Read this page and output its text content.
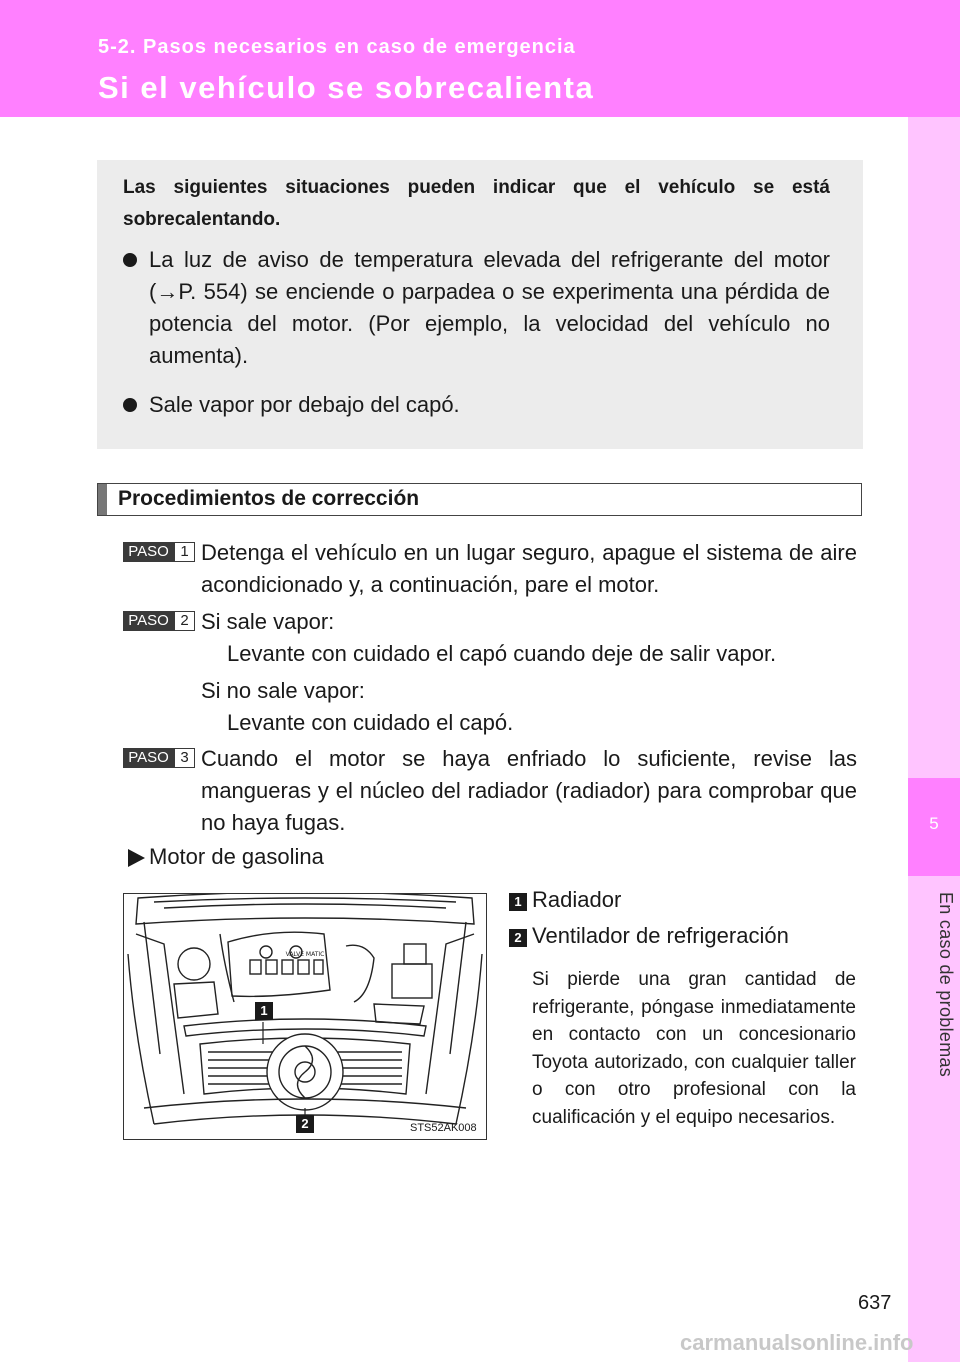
5-2. Pasos necesarios en caso de emergencia
Si el vehículo se sobrecalienta
5
En caso de problemas
Las siguientes situaciones pueden indicar que el vehículo se está sobrecalentando.
La luz de aviso de temperatura elevada del refrigerante del motor (→P. 554) se enciende o parpadea o se experimenta una pérdida de potencia del motor. (Por ejemplo, la velocidad del vehículo no aumenta).
Sale vapor por debajo del capó.
Procedimientos de corrección
PASO 1 Detenga el vehículo en un lugar seguro, apague el sistema de aire acondicionado y, a continuación, pare el motor.
PASO 2 Si sale vapor:
Levante con cuidado el capó cuando deje de salir vapor.
Si no sale vapor:
Levante con cuidado el capó.
PASO 3 Cuando el motor se haya enfriado lo suficiente, revise las mangueras y el núcleo del radiador (radiador) para comprobar que no haya fugas.
Motor de gasolina
VALVE MATIC
1
2	STS52AK008
1 Radiador
2 Ventilador de refrigeración
Si pierde una gran cantidad de refrigerante, póngase inmediatamente en contacto con un concesionario Toyota autorizado, con cualquier taller o con otro profesional con la cualificación y el equipo necesarios.
637
carmanualsonline.info
